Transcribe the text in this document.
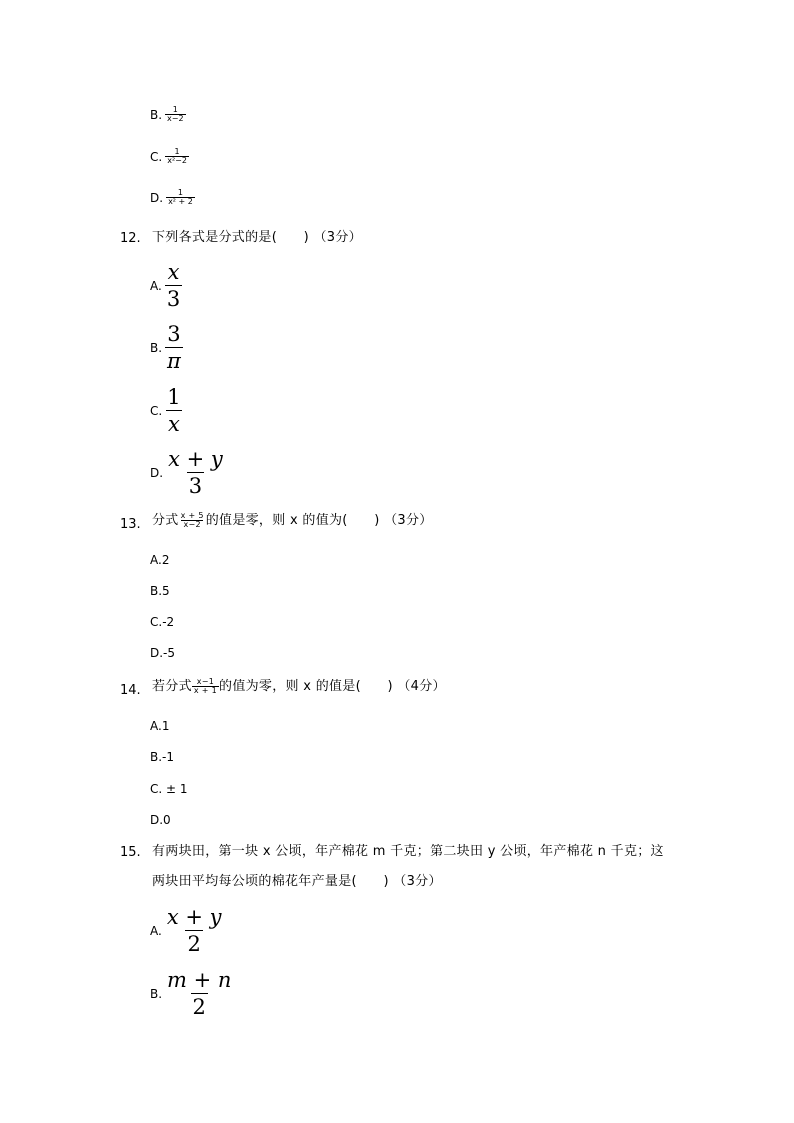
B. $\frac{1}{x-2}$
C. $\frac{1}{\text{x²−2}}$
D. $\frac{1}{\text{x² + 2}}$
12. 下列各式是分式的是(　　) （3分）
A. $\frac{x}{3}$
B. $\frac{3}{\pi}$
C. $\frac{1}{x}$
D. $\frac{x + y}{3}$
13. 分式 $\frac{x + 5}{x-2}$ 的值是零，则 x 的值为(　　) （3分）
A.2
B.5
C.-2
D.-5
14. 若分式 $\frac{x-1}{x + 1}$ 的值为零，则 x 的值是(　　) （4分）
A.1
B.-1
C. ± 1
D.0
15. 有两块田，第一块 x 公顷，年产棉花 m 千克；第二块田 y 公顷，年产棉花 n 千克；这
两块田平均每公顷的棉花年产量是(　　) （3分）
A. $\frac{x + y}{2}$
B. $\frac{m + n}{2}$
